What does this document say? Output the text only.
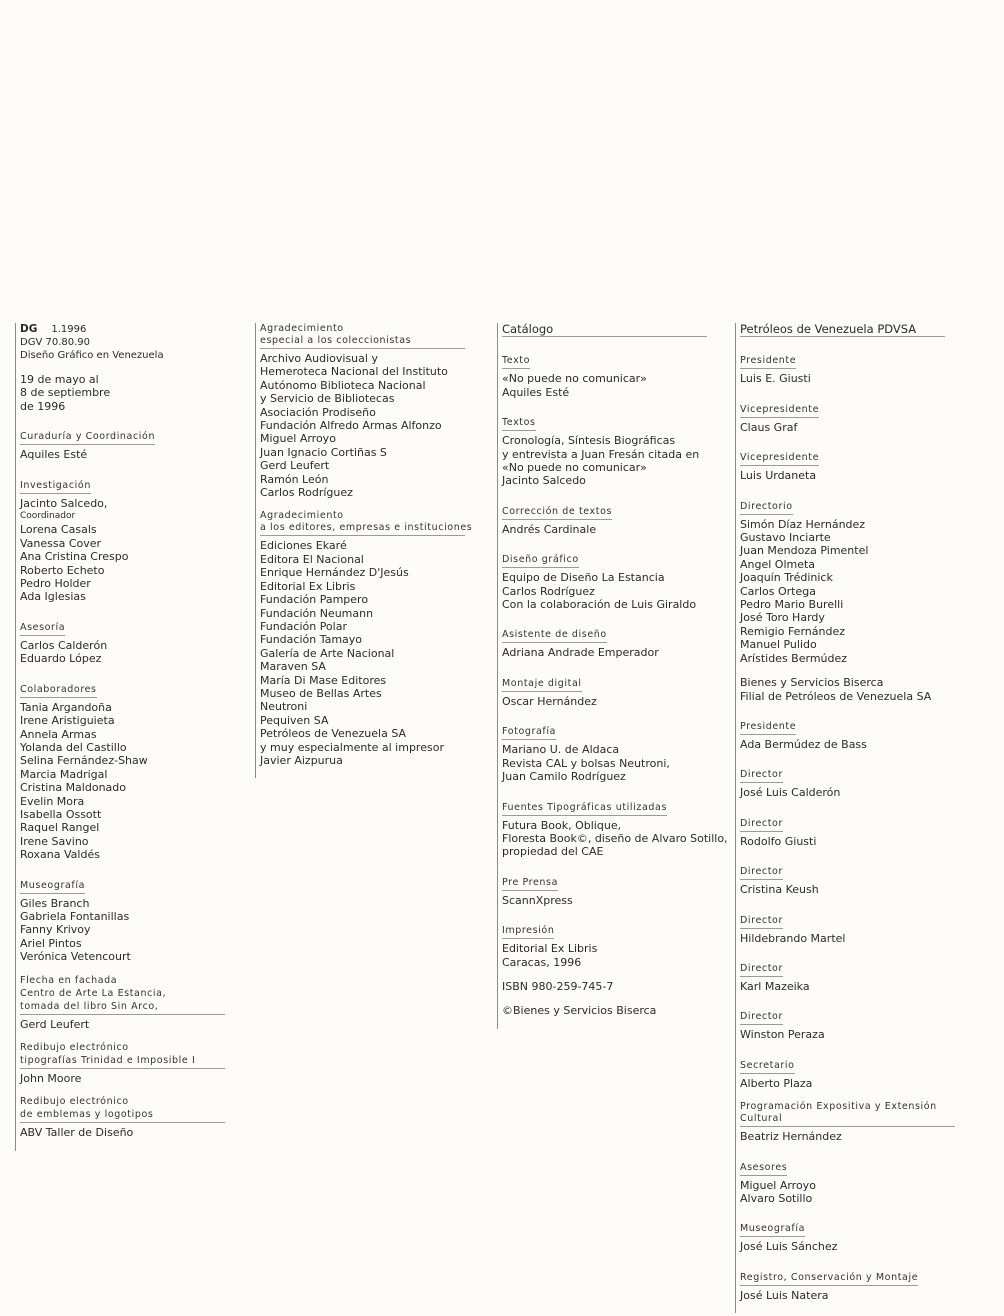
DG 1.1996
DGV 70.80.90
Diseño Gráfico en Venezuela
19 de mayo al
8 de septiembre
de 1996
Curaduría y Coordinación
Aquiles Esté
Investigación
Jacinto Salcedo,
Coordinador
Lorena Casals
Vanessa Cover
Ana Cristina Crespo
Roberto Echeto
Pedro Holder
Ada Iglesias
Asesoría
Carlos Calderón
Eduardo López
Colaboradores
Tania Argandoña
Irene Aristiguieta
Annela Armas
Yolanda del Castillo
Selina Fernández-Shaw
Marcia Madrigal
Cristina Maldonado
Evelin Mora
Isabella Ossott
Raquel Rangel
Irene Savino
Roxana Valdés
Museografía
Giles Branch
Gabriela Fontanillas
Fanny Krivoy
Ariel Pintos
Verónica Vetencourt
Flecha en fachada
Centro de Arte La Estancia,
tomada del libro Sin Arco,
Gerd Leufert
Redibujo electrónico
tipografías Trinidad e Imposible I
John Moore
Redibujo electrónico
de emblemas y logotipos
ABV Taller de Diseño
Agradecimiento
especial a los coleccionistas
Archivo Audiovisual y
Hemeroteca Nacional del Instituto
Autónomo Biblioteca Nacional
y Servicio de Bibliotecas
Asociación Prodiseño
Fundación Alfredo Armas Alfonzo
Miguel Arroyo
Juan Ignacio Cortiñas S
Gerd Leufert
Ramón León
Carlos Rodríguez
Agradecimiento
a los editores, empresas e instituciones
Ediciones Ekaré
Editora El Nacional
Enrique Hernández D'Jesús
Editorial Ex Libris
Fundación Pampero
Fundación Neumann
Fundación Polar
Fundación Tamayo
Galería de Arte Nacional
Maraven SA
María Di Mase Editores
Museo de Bellas Artes
Neutroni
Pequiven SA
Petróleos de Venezuela SA
y muy especialmente al impresor
Javier Aizpurua
Catálogo
Texto
«No puede no comunicar»
Aquiles Esté
Textos
Cronología, Síntesis Biográficas
y entrevista a Juan Fresán citada en
«No puede no comunicar»
Jacinto Salcedo
Corrección de textos
Andrés Cardinale
Diseño gráfico
Equipo de Diseño La Estancia
Carlos Rodríguez
Con la colaboración de Luis Giraldo
Asistente de diseño
Adriana Andrade Emperador
Montaje digital
Oscar Hernández
Fotografía
Mariano U. de Aldaca
Revista CAL y bolsas Neutroni,
Juan Camilo Rodríguez
Fuentes Tipográficas utilizadas
Futura Book, Oblique,
Floresta Book©, diseño de Alvaro Sotillo,
propiedad del CAE
Pre Prensa
ScannXpress
Impresión
Editorial Ex Libris
Caracas, 1996
ISBN 980-259-745-7
©Bienes y Servicios Biserca
Petróleos de Venezuela PDVSA
Presidente
Luis E. Giusti
Vicepresidente
Claus Graf
Vicepresidente
Luis Urdaneta
Directorio
Simón Díaz Hernández
Gustavo Inciarte
Juan Mendoza Pimentel
Angel Olmeta
Joaquín Trédinick
Carlos Ortega
Pedro Mario Burelli
José Toro Hardy
Remigio Fernández
Manuel Pulido
Arístides Bermúdez
Bienes y Servicios Biserca
Filial de Petróleos de Venezuela SA
Presidente
Ada Bermúdez de Bass
Director
José Luis Calderón
Director
Rodolfo Giusti
Director
Cristina Keush
Director
Hildebrando Martel
Director
Karl Mazeika
Director
Winston Peraza
Secretario
Alberto Plaza
Programación Expositiva y Extensión Cultural
Beatriz Hernández
Asesores
Miguel Arroyo
Alvaro Sotillo
Museografía
José Luis Sánchez
Registro, Conservación y Montaje
José Luis Natera
